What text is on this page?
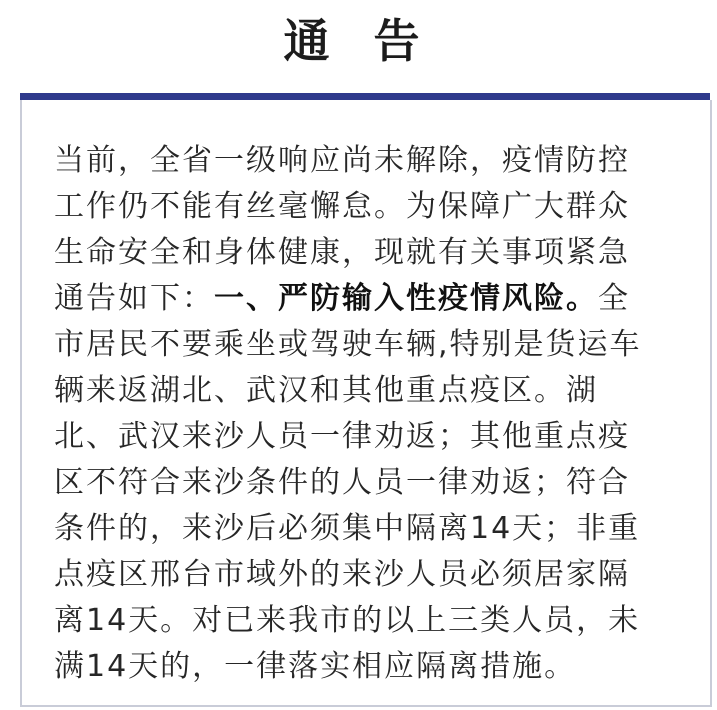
通 告
当前，全省一级响应尚未解除，疫情防控
工作仍不能有丝毫懈怠。为保障广大群众
生命安全和身体健康，现就有关事项紧急
通告如下：一、严防输入性疫情风险。全
市居民不要乘坐或驾驶车辆,特别是货运车
辆来返湖北、武汉和其他重点疫区。湖
北、武汉来沙人员一律劝返；其他重点疫
区不符合来沙条件的人员一律劝返；符合
条件的，来沙后必须集中隔离14天；非重
点疫区邢台市域外的来沙人员必须居家隔
离14天。对已来我市的以上三类人员，未
满14天的，一律落实相应隔离措施。
